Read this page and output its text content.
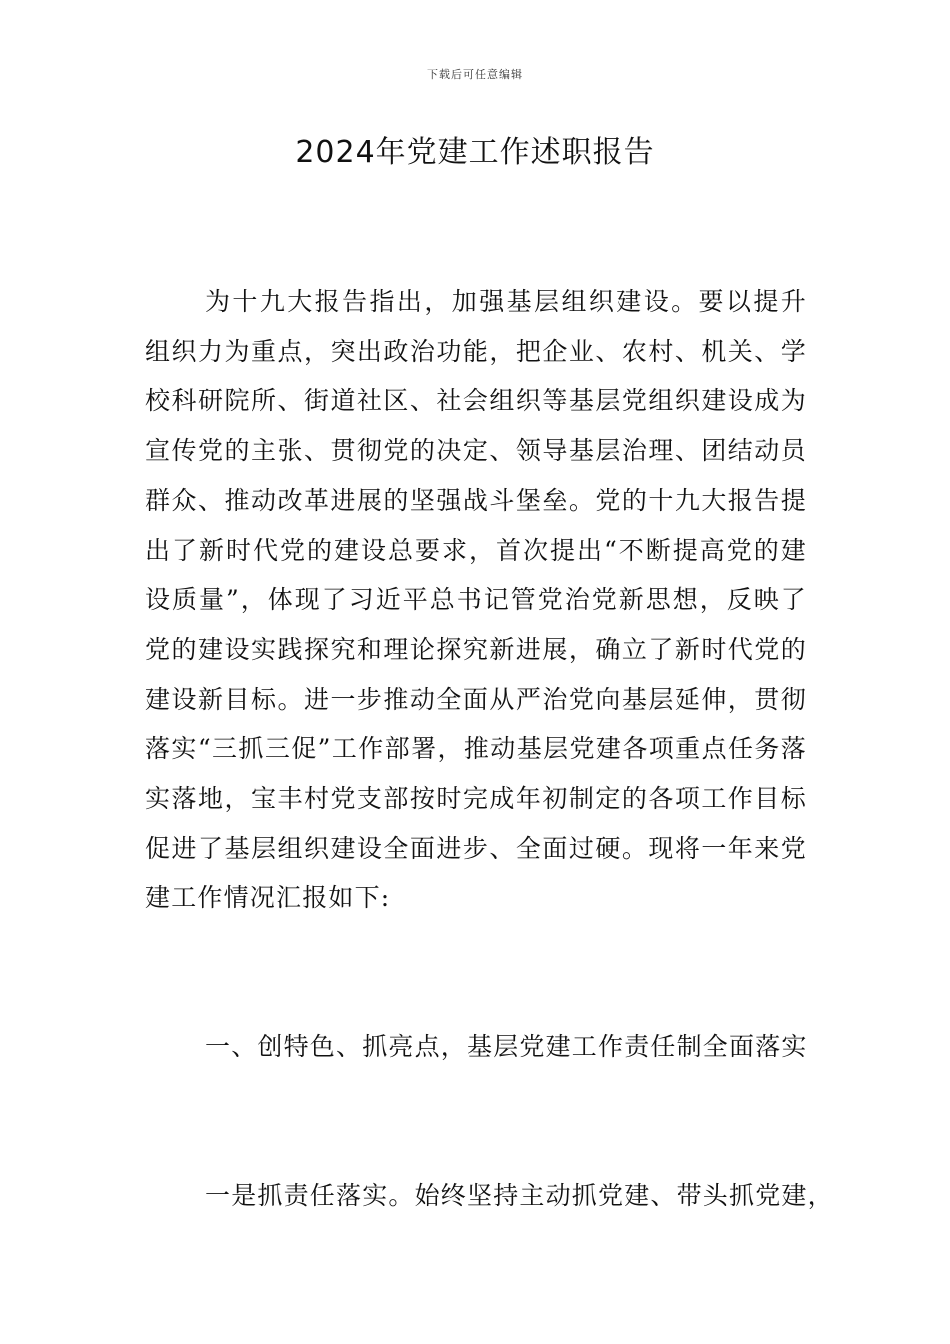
下载后可任意编辑
2024年党建工作述职报告

为十九大报告指出，加强基层组织建设。要以提升组织力为重点，突出政治功能，把企业、农村、机关、学校科研院所、街道社区、社会组织等基层党组织建设成为宣传党的主张、贯彻党的决定、领导基层治理、团结动员群众、推动改革进展的坚强战斗堡垒。党的十九大报告提出了新时代党的建设总要求，首次提出“不断提高党的建设质量”，体现了习近平总书记管党治党新思想，反映了党的建设实践探究和理论探究新进展，确立了新时代党的建设新目标。进一步推动全面从严治党向基层延伸，贯彻落实“三抓三促”工作部署，推动基层党建各项重点任务落实落地，宝丰村党支部按时完成年初制定的各项工作目标促进了基层组织建设全面进步、全面过硬。现将一年来党建工作情况汇报如下:

一、创特色、抓亮点，基层党建工作责任制全面落实

一是抓责任落实。始终坚持主动抓党建、带头抓党建，
